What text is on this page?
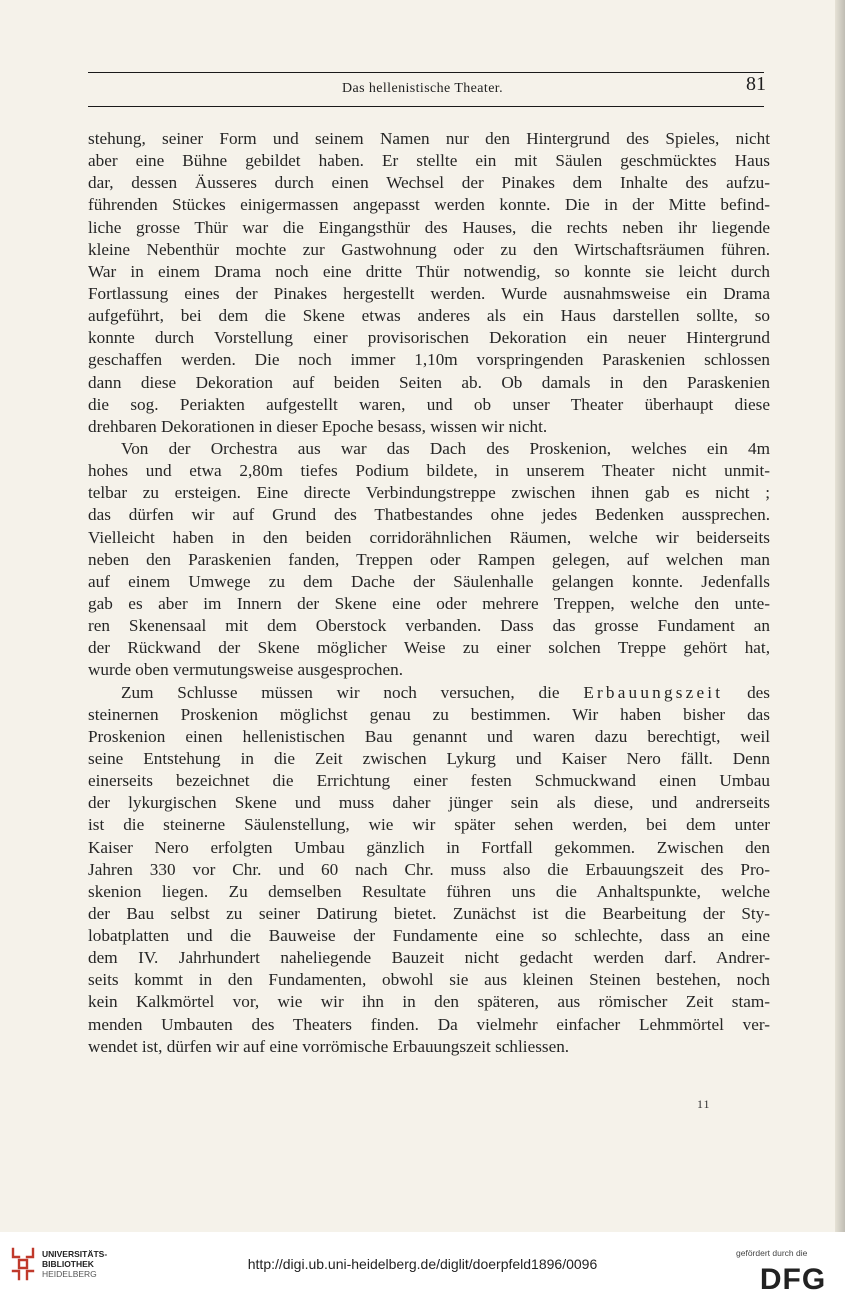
Das hellenistische Theater.	81
stehung, seiner Form und seinem Namen nur den Hintergrund des Spieles, nicht
aber eine Bühne gebildet haben. Er stellte ein mit Säulen geschmücktes Haus
dar, dessen Äusseres durch einen Wechsel der Pinakes dem Inhalte des aufzu-
führenden Stückes einigermassen angepasst werden konnte. Die in der Mitte befind-
liche grosse Thür war die Eingangsthür des Hauses, die rechts neben ihr liegende
kleine Nebenthür mochte zur Gastwohnung oder zu den Wirtschaftsräumen führen.
War in einem Drama noch eine dritte Thür notwendig, so konnte sie leicht durch
Fortlassung eines der Pinakes hergestellt werden. Wurde ausnahmsweise ein Drama
aufgeführt, bei dem die Skene etwas anderes als ein Haus darstellen sollte, so
konnte durch Vorstellung einer provisorischen Dekoration ein neuer Hintergrund
geschaffen werden. Die noch immer 1,10m vorspringenden Paraskenien schlossen
dann diese Dekoration auf beiden Seiten ab. Ob damals in den Paraskenien
die sog. Periakten aufgestellt waren, und ob unser Theater überhaupt diese
drehbaren Dekorationen in dieser Epoche besass, wissen wir nicht.
Von der Orchestra aus war das Dach des Proskenion, welches ein 4m
hohes und etwa 2,80m tiefes Podium bildete, in unserem Theater nicht unmit-
telbar zu ersteigen. Eine directe Verbindungstreppe zwischen ihnen gab es nicht ;
das dürfen wir auf Grund des Thatbestandes ohne jedes Bedenken aussprechen.
Vielleicht haben in den beiden corridorähnlichen Räumen, welche wir beiderseits
neben den Paraskenien fanden, Treppen oder Rampen gelegen, auf welchen man
auf einem Umwege zu dem Dache der Säulenhalle gelangen konnte. Jedenfalls
gab es aber im Innern der Skene eine oder mehrere Treppen, welche den unte-
ren Skenensaal mit dem Oberstock verbanden. Dass das grosse Fundament an
der Rückwand der Skene möglicher Weise zu einer solchen Treppe gehört hat,
wurde oben vermutungsweise ausgesprochen.
Zum Schlusse müssen wir noch versuchen, die Erbauungszeit des
steinernen Proskenion möglichst genau zu bestimmen. Wir haben bisher das
Proskenion einen hellenistischen Bau genannt und waren dazu berechtigt, weil
seine Entstehung in die Zeit zwischen Lykurg und Kaiser Nero fällt. Denn
einerseits bezeichnet die Errichtung einer festen Schmuckwand einen Umbau
der lykurgischen Skene und muss daher jünger sein als diese, und andrerseits
ist die steinerne Säulenstellung, wie wir später sehen werden, bei dem unter
Kaiser Nero erfolgten Umbau gänzlich in Fortfall gekommen. Zwischen den
Jahren 330 vor Chr. und 60 nach Chr. muss also die Erbauungszeit des Pro-
skenion liegen. Zu demselben Resultate führen uns die Anhaltspunkte, welche
der Bau selbst zu seiner Datirung bietet. Zunächst ist die Bearbeitung der Sty-
lobatplatten und die Bauweise der Fundamente eine so schlechte, dass an eine
dem IV. Jahrhundert naheliegende Bauzeit nicht gedacht werden darf. Andrer-
seits kommt in den Fundamenten, obwohl sie aus kleinen Steinen bestehen, noch
kein Kalkmörtel vor, wie wir ihn in den späteren, aus römischer Zeit stam-
menden Umbauten des Theaters finden. Da vielmehr einfacher Lehmmörtel ver-
wendet ist, dürfen wir auf eine vorrömische Erbauungszeit schliessen.
11
UNIVERSITÄTS-
BIBLIOTHEK
HEIDELBERG
http://digi.ub.uni-heidelberg.de/diglit/doerpfeld1896/0096
gefördert durch die
DFG
